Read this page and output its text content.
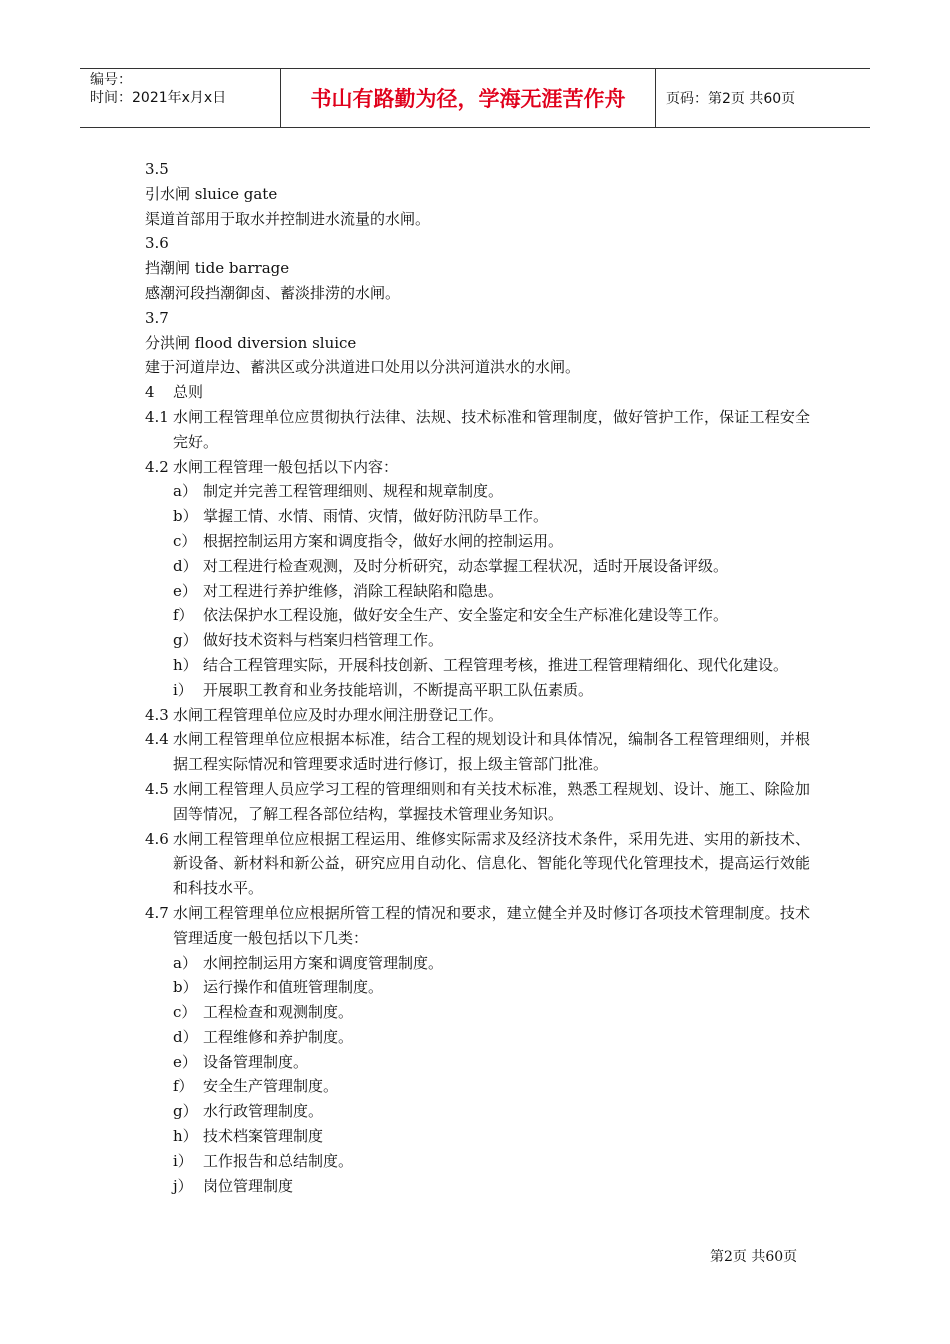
编号：
时间：2021年x月x日	书山有路勤为径，学海无涯苦作舟	页码：第2页 共60页
3.5
引水闸 sluice gate
渠道首部用于取水并控制进水流量的水闸。
3.6
挡潮闸 tide barrage
感潮河段挡潮御卤、蓄淡排涝的水闸。
3.7
分洪闸 flood diversion sluice
建于河道岸边、蓄洪区或分洪道进口处用以分洪河道洪水的水闸。
4	总则
4.1 水闸工程管理单位应贯彻执行法律、法规、技术标准和管理制度，做好管护工作，保证工程安全完好。
4.2 水闸工程管理一般包括以下内容：
a） 制定并完善工程管理细则、规程和规章制度。
b） 掌握工情、水情、雨情、灾情，做好防汛防旱工作。
c） 根据控制运用方案和调度指令，做好水闸的控制运用。
d） 对工程进行检查观测，及时分析研究，动态掌握工程状况，适时开展设备评级。
e） 对工程进行养护维修，消除工程缺陷和隐患。
f） 依法保护水工程设施，做好安全生产、安全鉴定和安全生产标准化建设等工作。
g） 做好技术资料与档案归档管理工作。
h） 结合工程管理实际，开展科技创新、工程管理考核，推进工程管理精细化、现代化建设。
i） 开展职工教育和业务技能培训，不断提高平职工队伍素质。
4.3 水闸工程管理单位应及时办理水闸注册登记工作。
4.4 水闸工程管理单位应根据本标准，结合工程的规划设计和具体情况，编制各工程管理细则，并根据工程实际情况和管理要求适时进行修订，报上级主管部门批准。
4.5 水闸工程管理人员应学习工程的管理细则和有关技术标准，熟悉工程规划、设计、施工、除险加固等情况，了解工程各部位结构，掌握技术管理业务知识。
4.6 水闸工程管理单位应根据工程运用、维修实际需求及经济技术条件，采用先进、实用的新技术、新设备、新材料和新公益，研究应用自动化、信息化、智能化等现代化管理技术，提高运行效能和科技水平。
4.7 水闸工程管理单位应根据所管工程的情况和要求，建立健全并及时修订各项技术管理制度。技术管理适度一般包括以下几类：
a） 水闸控制运用方案和调度管理制度。
b） 运行操作和值班管理制度。
c） 工程检查和观测制度。
d） 工程维修和养护制度。
e） 设备管理制度。
f） 安全生产管理制度。
g） 水行政管理制度。
h） 技术档案管理制度
i） 工作报告和总结制度。
j） 岗位管理制度
第2页 共60页
